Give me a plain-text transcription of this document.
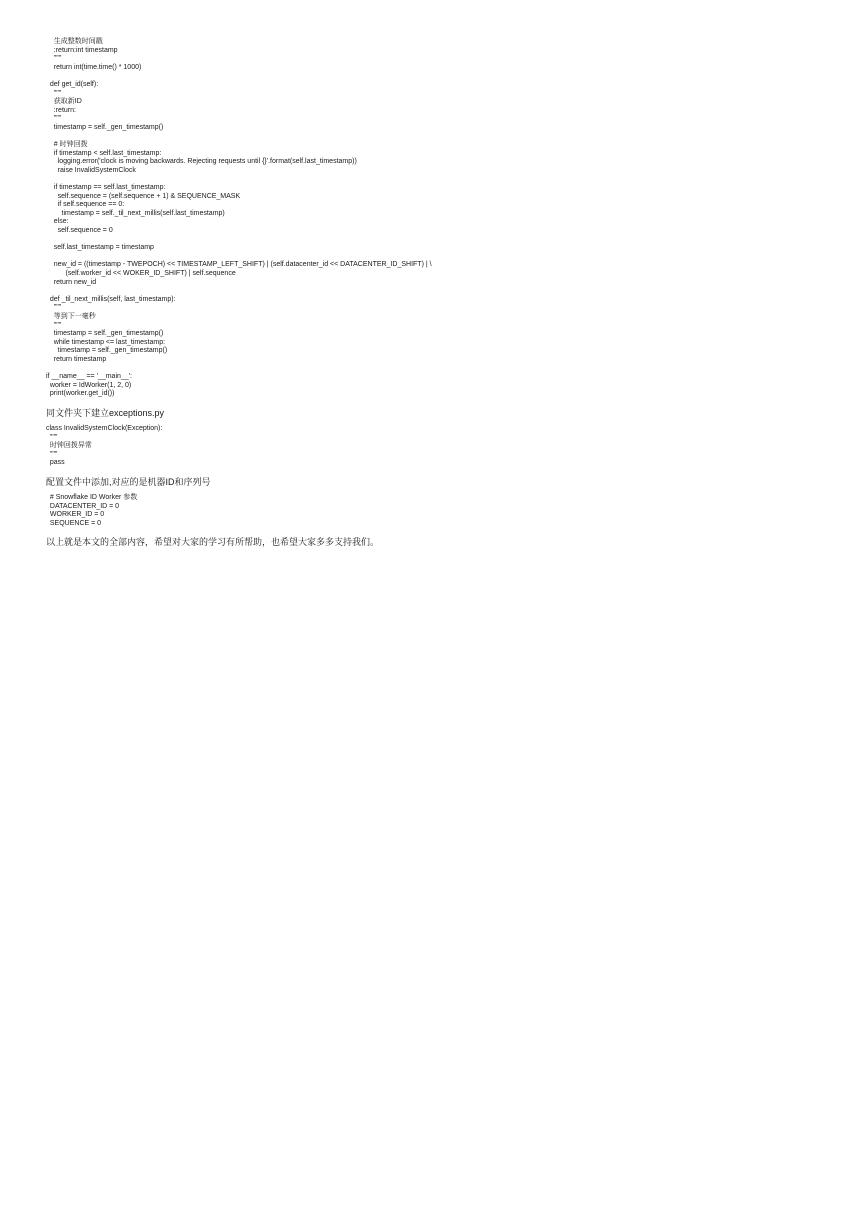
生成整数时间戳
:return:int timestamp
"""
return int(time.time() * 1000)
def get_id(self):
"""
获取新ID
:return:
"""
timestamp = self._gen_timestamp()
# 时钟回拨
if timestamp < self.last_timestamp:
logging.error('clock is moving backwards. Rejecting requests until {}'.format(self.last_timestamp))
raise InvalidSystemClock
if timestamp == self.last_timestamp:
self.sequence = (self.sequence + 1) & SEQUENCE_MASK
if self.sequence == 0:
timestamp = self._til_next_millis(self.last_timestamp)
else:
self.sequence = 0
self.last_timestamp = timestamp
new_id = ((timestamp - TWEPOCH) << TIMESTAMP_LEFT_SHIFT) | (self.datacenter_id << DATACENTER_ID_SHIFT) | \
(self.worker_id << WOKER_ID_SHIFT) | self.sequence
return new_id
def _til_next_millis(self, last_timestamp):
"""
等到下一毫秒
"""
timestamp = self._gen_timestamp()
while timestamp <= last_timestamp:
timestamp = self._gen_timestamp()
return timestamp
if __name__ == '__main__':
worker = IdWorker(1, 2, 0)
print(worker.get_id())
同文件夹下建立exceptions.py
class InvalidSystemClock(Exception):
"""
时钟回拨异常
"""
pass
配置文件中添加,对应的是机器ID和序列号
# Snowflake ID Worker 参数
DATACENTER_ID = 0
WORKER_ID = 0
SEQUENCE = 0
以上就是本文的全部内容，希望对大家的学习有所帮助，也希望大家多多支持我们。
